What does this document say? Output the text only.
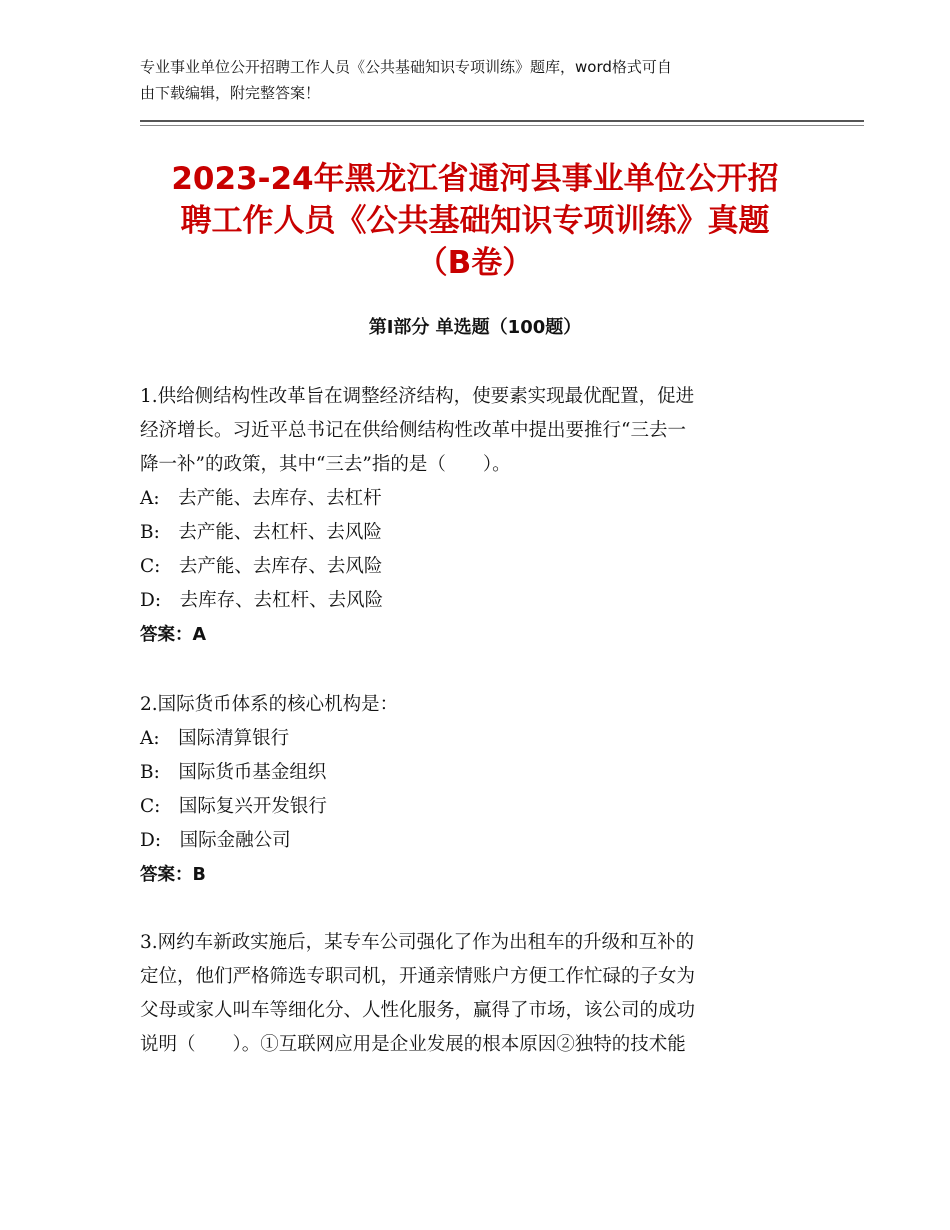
专业事业单位公开招聘工作人员《公共基础知识专项训练》题库，word格式可自
由下载编辑，附完整答案！
2023-24年黑龙江省通河县事业单位公开招
聘工作人员《公共基础知识专项训练》真题
（B卷）
第Ⅰ部分 单选题（100题）
1.供给侧结构性改革旨在调整经济结构，使要素实现最优配置，促进
经济增长。习近平总书记在供给侧结构性改革中提出要推行“三去一
降一补”的政策，其中“三去”指的是（　　）。
A:　去产能、去库存、去杠杆
B:　去产能、去杠杆、去风险
C:　去产能、去库存、去风险
D:　去库存、去杠杆、去风险
答案：A
2.国际货币体系的核心机构是：
A:　国际清算银行
B:　国际货币基金组织
C:　国际复兴开发银行
D:　国际金融公司
答案：B
3.网约车新政实施后，某专车公司强化了作为出租车的升级和互补的
定位，他们严格筛选专职司机，开通亲情账户方便工作忙碌的子女为
父母或家人叫车等细化分、人性化服务，赢得了市场，该公司的成功
说明（　　）。①互联网应用是企业发展的根本原因②独特的技术能
